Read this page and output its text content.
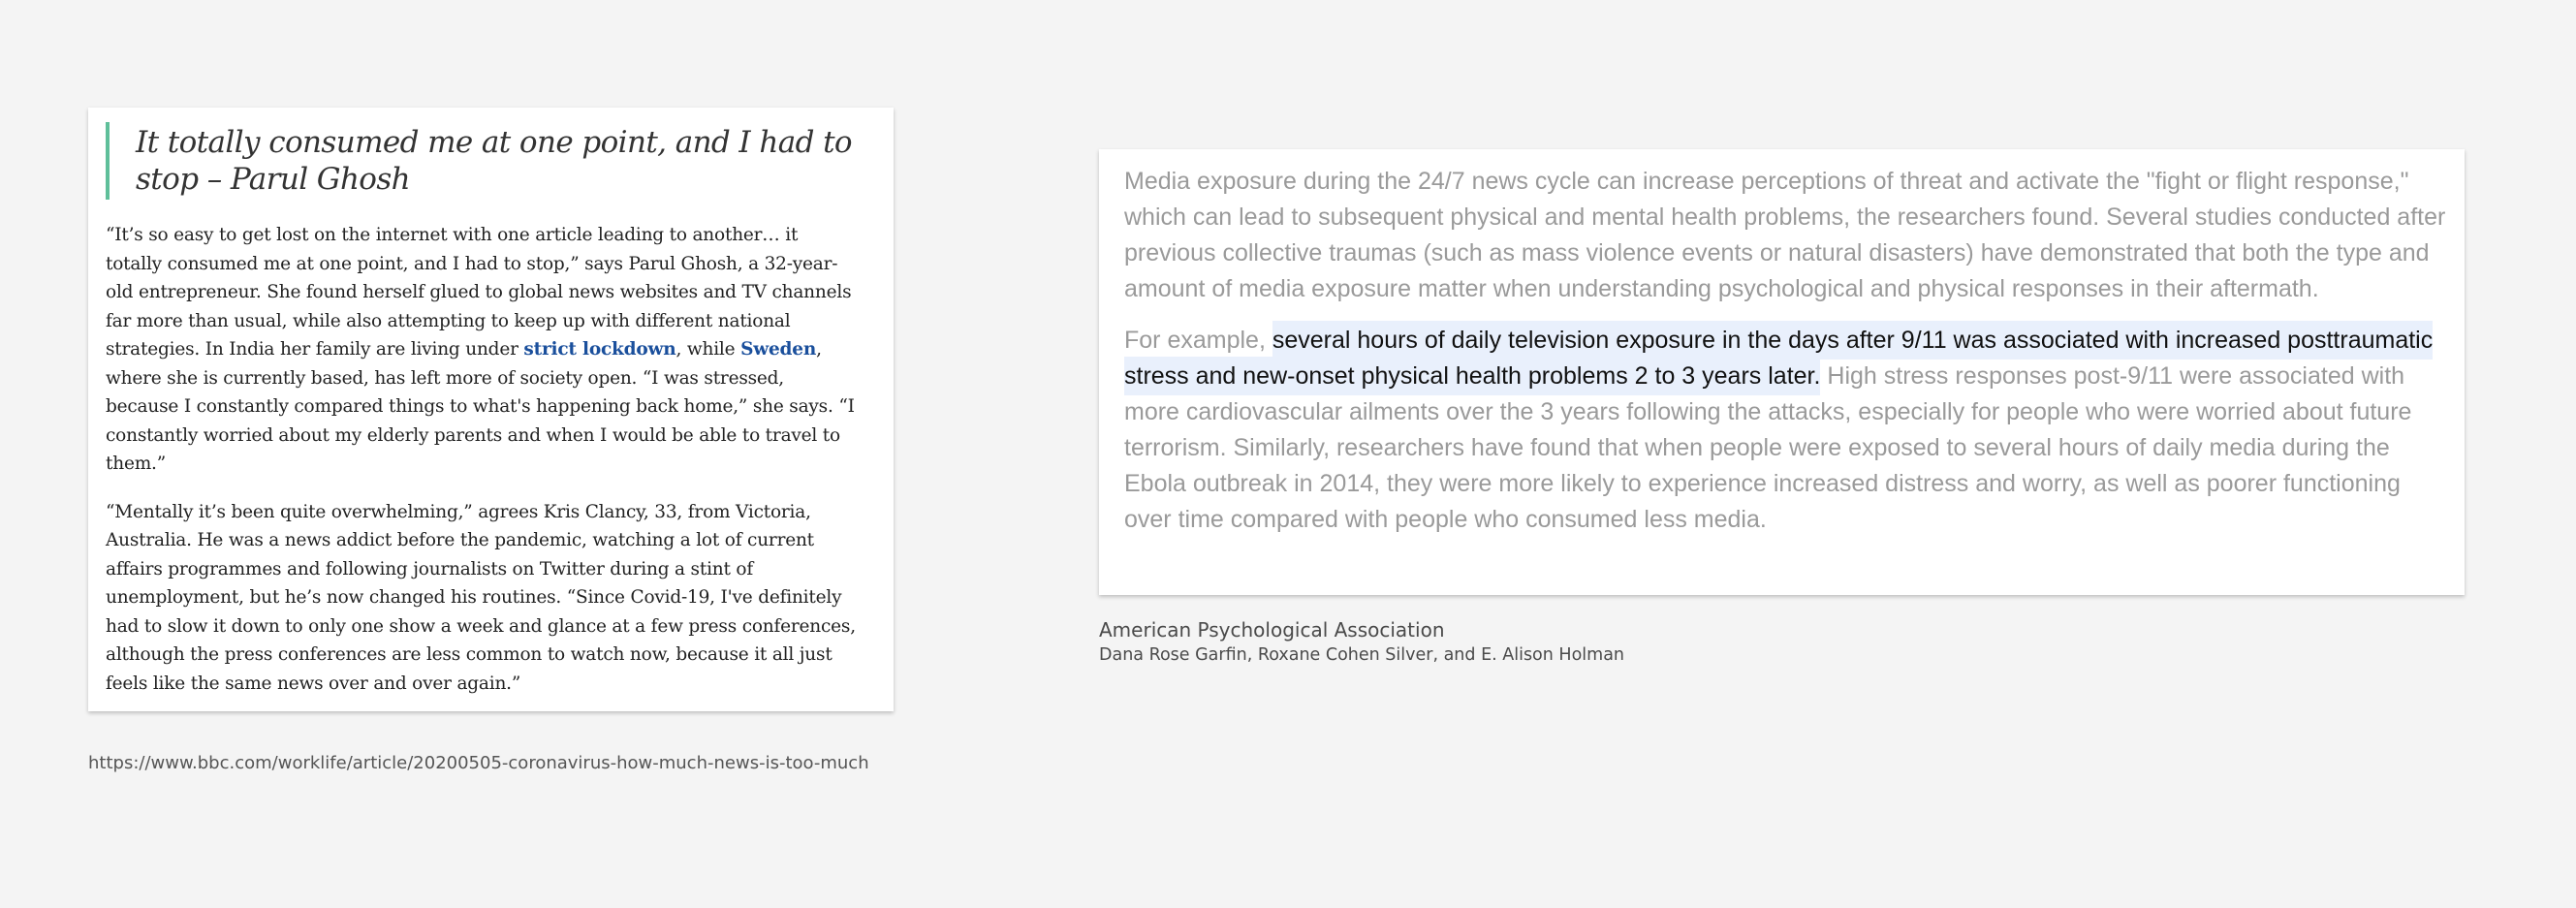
It totally consumed me at one point, and I had to stop – Parul Ghosh

“It’s so easy to get lost on the internet with one article leading to another… it totally consumed me at one point, and I had to stop,” says Parul Ghosh, a 32-year-old entrepreneur. She found herself glued to global news websites and TV channels far more than usual, while also attempting to keep up with different national strategies. In India her family are living under strict lockdown, while Sweden, where she is currently based, has left more of society open. “I was stressed, because I constantly compared things to what's happening back home,” she says. “I constantly worried about my elderly parents and when I would be able to travel to them.”

“Mentally it’s been quite overwhelming,” agrees Kris Clancy, 33, from Victoria, Australia. He was a news addict before the pandemic, watching a lot of current affairs programmes and following journalists on Twitter during a stint of unemployment, but he’s now changed his routines. “Since Covid-19, I've definitely had to slow it down to only one show a week and glance at a few press conferences, although the press conferences are less common to watch now, because it all just feels like the same news over and over again.”

https://www.bbc.com/worklife/article/20200505-coronavirus-how-much-news-is-too-much

Media exposure during the 24/7 news cycle can increase perceptions of threat and activate the "fight or flight response," which can lead to subsequent physical and mental health problems, the researchers found. Several studies conducted after previous collective traumas (such as mass violence events or natural disasters) have demonstrated that both the type and amount of media exposure matter when understanding psychological and physical responses in their aftermath.

For example, several hours of daily television exposure in the days after 9/11 was associated with increased posttraumatic stress and new-onset physical health problems 2 to 3 years later. High stress responses post-9/11 were associated with more cardiovascular ailments over the 3 years following the attacks, especially for people who were worried about future terrorism. Similarly, researchers have found that when people were exposed to several hours of daily media during the Ebola outbreak in 2014, they were more likely to experience increased distress and worry, as well as poorer functioning over time compared with people who consumed less media.

American Psychological Association
Dana Rose Garfin, Roxane Cohen Silver, and E. Alison Holman
